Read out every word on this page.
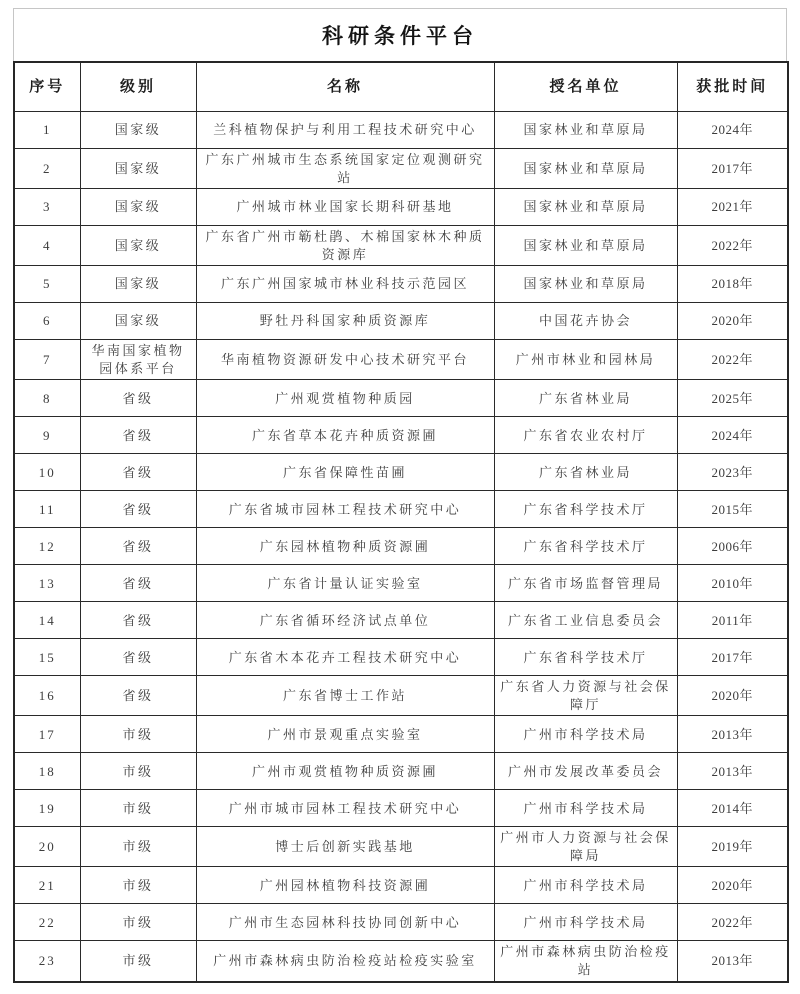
科研条件平台
序号	级别	名称	授名单位	获批时间
1	国家级	兰科植物保护与利用工程技术研究中心	国家林业和草原局	2024年
2	国家级	广东广州城市生态系统国家定位观测研究站	国家林业和草原局	2017年
3	国家级	广州城市林业国家长期科研基地	国家林业和草原局	2021年
4	国家级	广东省广州市簕杜鹃、木棉国家林木种质资源库	国家林业和草原局	2022年
5	国家级	广东广州国家城市林业科技示范园区	国家林业和草原局	2018年
6	国家级	野牡丹科国家种质资源库	中国花卉协会	2020年
7	华南国家植物园体系平台	华南植物资源研发中心技术研究平台	广州市林业和园林局	2022年
8	省级	广州观赏植物种质园	广东省林业局	2025年
9	省级	广东省草本花卉种质资源圃	广东省农业农村厅	2024年
10	省级	广东省保障性苗圃	广东省林业局	2023年
11	省级	广东省城市园林工程技术研究中心	广东省科学技术厅	2015年
12	省级	广东园林植物种质资源圃	广东省科学技术厅	2006年
13	省级	广东省计量认证实验室	广东省市场监督管理局	2010年
14	省级	广东省循环经济试点单位	广东省工业信息委员会	2011年
15	省级	广东省木本花卉工程技术研究中心	广东省科学技术厅	2017年
16	省级	广东省博士工作站	广东省人力资源与社会保障厅	2020年
17	市级	广州市景观重点实验室	广州市科学技术局	2013年
18	市级	广州市观赏植物种质资源圃	广州市发展改革委员会	2013年
19	市级	广州市城市园林工程技术研究中心	广州市科学技术局	2014年
20	市级	博士后创新实践基地	广州市人力资源与社会保障局	2019年
21	市级	广州园林植物科技资源圃	广州市科学技术局	2020年
22	市级	广州市生态园林科技协同创新中心	广州市科学技术局	2022年
23	市级	广州市森林病虫防治检疫站检疫实验室	广州市森林病虫防治检疫站	2013年
